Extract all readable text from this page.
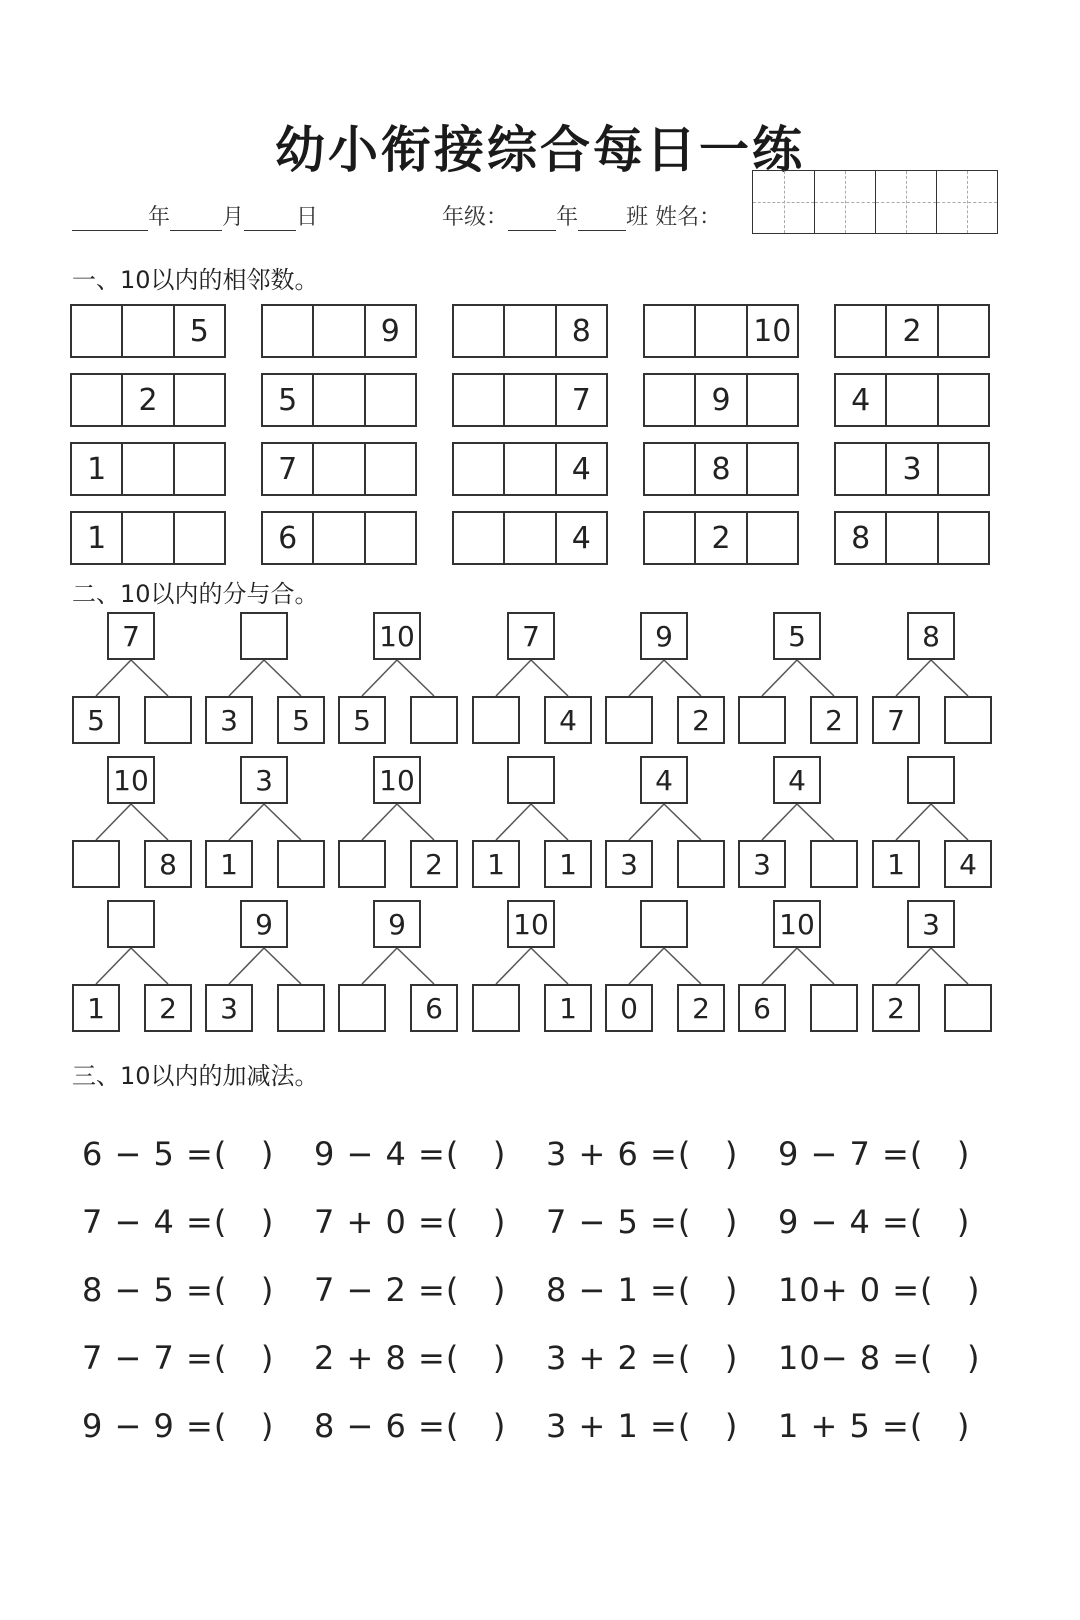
幼小衔接综合每日一练
年 月 日	年级： 年 班 姓名：
一、10以内的相邻数。
5	9	8	10	2
2	5	7	9	4
1	7	4	8	3
1	6	4	2	8
二、10以内的分与合。
7
5	3	5
10
5
7
4
9
2
5
2
8
7
10
8
3
1
10
2	1	1
4
3
4
3	1	4
1	2
9
3
9
6
10
1	0	2
10
6
3
2
三、10以内的加减法。
6 − 5 =(   )	9 − 4 =(   )	3 + 6 =(   )	9 − 7 =(   )
7 − 4 =(   )	7 + 0 =(   )	7 − 5 =(   )	9 − 4 =(   )
8 − 5 =(   )	7 − 2 =(   )	8 − 1 =(   )	10+ 0 =(   )
7 − 7 =(   )	2 + 8 =(   )	3 + 2 =(   )	10− 8 =(   )
9 − 9 =(   )	8 − 6 =(   )	3 + 1 =(   )	1 + 5 =(   )
